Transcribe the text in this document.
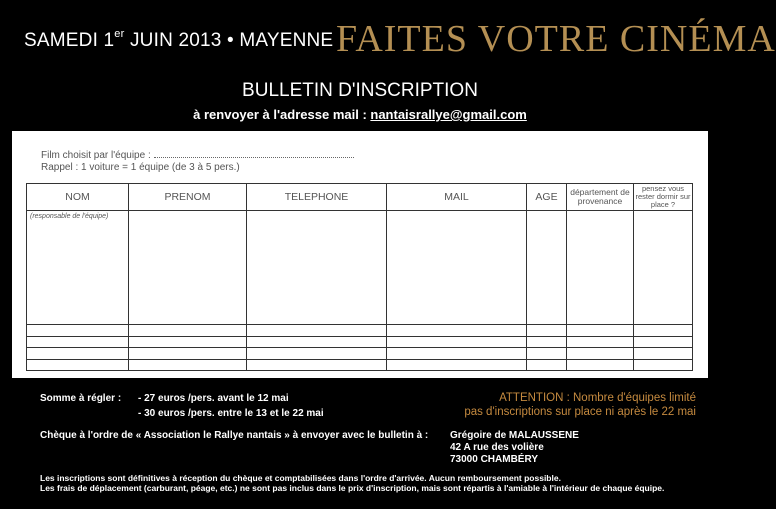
SAMEDI 1er JUIN 2013 • MAYENNE FAITES VOTRE CINÉMA
BULLETIN D'INSCRIPTION
à renvoyer à l'adresse mail : nantaisrallye@gmail.com
Film choisit par l'équipe :
Rappel : 1 voiture = 1 équipe (de 3 à 5 pers.)
NOM	PRENOM	TELEPHONE	MAIL	AGE	département de provenance	pensez vous rester dormir sur place ?

(responsable de l'équipe)						

Somme à régler : - 27 euros /pers. avant le 12 mai
- 30 euros /pers. entre le 13 et le 22 mai
ATTENTION : Nombre d'équipes limité
pas d'inscriptions sur place ni après le 22 mai
Chèque à l'ordre de « Association le Rallye nantais » à envoyer avec le bulletin à : Grégoire de MALAUSSENE
42 A rue des volière
73000 CHAMBÉRY
Les inscriptions sont définitives à réception du chèque et comptabilisées dans l'ordre d'arrivée. Aucun remboursement possible.
Les frais de déplacement (carburant, péage, etc.) ne sont pas inclus dans le prix d'inscription, mais sont répartis à l'amiable à l'intérieur de chaque équipe.
